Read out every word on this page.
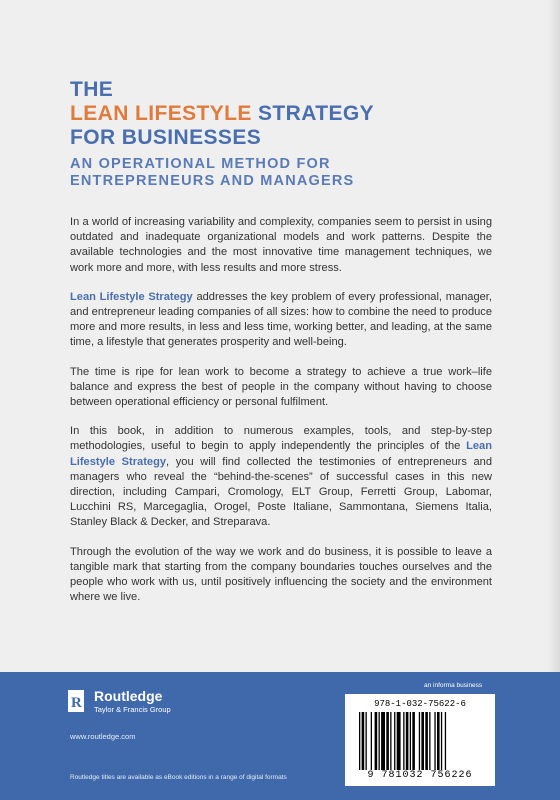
THE
LEAN LIFESTYLE STRATEGY
FOR BUSINESSES
AN OPERATIONAL METHOD FOR
ENTREPRENEURS AND MANAGERS

In a world of increasing variability and complexity, companies seem to persist in using outdated and inadequate organizational models and work patterns. Despite the available technologies and the most innovative time management techniques, we work more and more, with less results and more stress.

Lean Lifestyle Strategy addresses the key problem of every professional, manager, and entrepreneur leading companies of all sizes: how to combine the need to produce more and more results, in less and less time, working better, and leading, at the same time, a lifestyle that generates prosperity and well-being.

The time is ripe for lean work to become a strategy to achieve a true work–life balance and express the best of people in the company without having to choose between operational efficiency or personal fulfilment.

In this book, in addition to numerous examples, tools, and step-by-step methodologies, useful to begin to apply independently the principles of the Lean Lifestyle Strategy, you will find collected the testimonies of entrepreneurs and managers who reveal the “behind-the-scenes” of successful cases in this new direction, including Campari, Cromology, ELT Group, Ferretti Group, Labomar, Lucchini RS, Marcegaglia, Orogel, Poste Italiane, Sammontana, Siemens Italia, Stanley Black & Decker, and Streparava.

Through the evolution of the way we work and do business, it is possible to leave a tangible mark that starting from the company boundaries touches ourselves and the people who work with us, until positively influencing the society and the environment where we live.

an informa business
R Routledge
Taylor & Francis Group
www.routledge.com
Routledge titles are available as eBook editions in a range of digital formats
978-1-032-75622-6
9 781032 756226
